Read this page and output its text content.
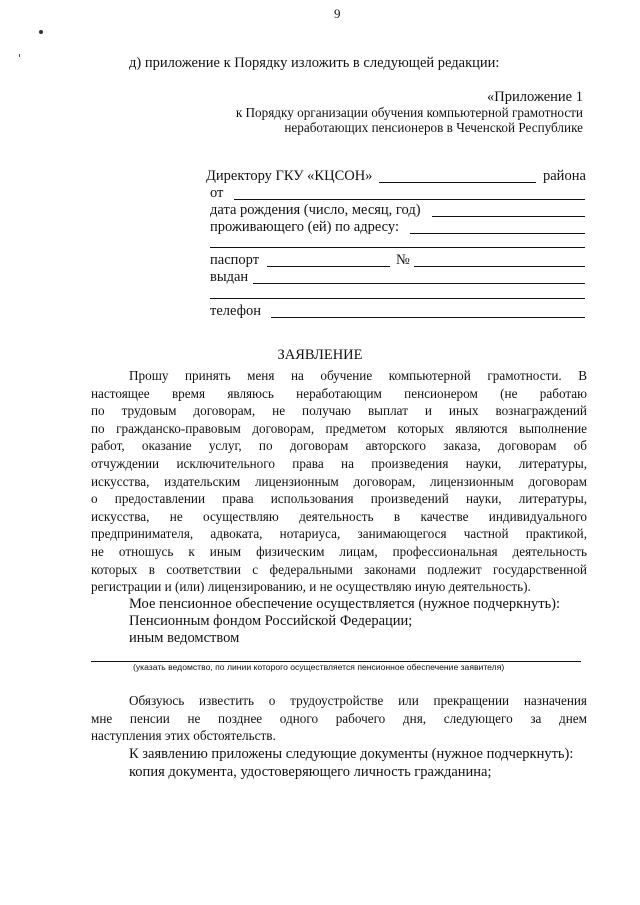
9
д) приложение к Порядку изложить в следующей редакции:
«Приложение 1
к Порядку организации обучения компьютерной грамотности
неработающих пенсионеров в Чеченской Республике
Директору ГКУ «КЦСОН»	района
от
дата рождения (число, месяц, год)
проживающего (ей) по адресу:
паспорт	№
выдан
телефон
ЗАЯВЛЕНИЕ
Прошу принять меня на обучение компьютерной грамотности. В
настоящее время являюсь неработающим пенсионером (не работаю
по трудовым договорам, не получаю выплат и иных вознаграждений
по гражданско-правовым договорам, предметом которых являются выполнение
работ, оказание услуг, по договорам авторского заказа, договорам об
отчуждении исключительного права на произведения науки, литературы,
искусства, издательским лицензионным договорам, лицензионным договорам
о предоставлении права использования произведений науки, литературы,
искусства, не осуществляю деятельность в качестве индивидуального
предпринимателя, адвоката, нотариуса, занимающегося частной практикой,
не отношусь к иным физическим лицам, профессиональная деятельность
которых в соответствии с федеральными законами подлежит государственной
регистрации и (или) лицензированию, и не осуществляю иную деятельность).
Мое пенсионное обеспечение осуществляется (нужное подчеркнуть):
Пенсионным фондом Российской Федерации;
иным ведомством
(указать ведомство, по линии которого осуществляется пенсионное обеспечение заявителя)
Обязуюсь известить о трудоустройстве или прекращении назначения
мне пенсии не позднее одного рабочего дня, следующего за днем
наступления этих обстоятельств.
К заявлению приложены следующие документы (нужное подчеркнуть):
копия документа, удостоверяющего личность гражданина;
